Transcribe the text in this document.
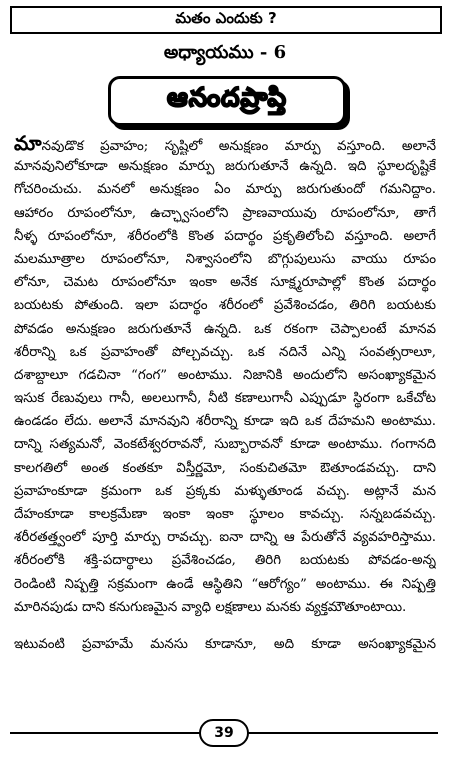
మతం ఎందుకు ?
అధ్యాయము - 6
ఆనందప్రాప్తి
మానవుడొక ప్రవాహం; సృష్టిలో అనుక్షణం మార్పు వస్తూంది. అలానే
మానవునిలోకూడా అనుక్షణం మార్పు జరుగుతూనే ఉన్నది. ఇది స్థూలదృష్టికే
గోచరించుచు. మనలో అనుక్షణం ఏం మార్పు జరుగుతుందో గమనిద్దాం.
ఆహారం రూపంలోనూ, ఉచ్ఛ్వాసంలోని ప్రాణవాయువు రూపంలోనూ, తాగే
నీళ్ళ రూపంలోనూ, శరీరంలోకి కొంత పదార్థం ప్రకృతిలోంచి వస్తూంది. అలాగే
మలమూత్రాల రూపంలోనూ, నిశ్వాసంలోని బొగ్గుపులుసు వాయు రూపం
లోనూ, చెమట రూపంలోనూ ఇంకా అనేక సూక్ష్మరూపాల్లో కొంత పదార్థం
బయటకు పోతుంది. ఇలా పదార్థం శరీరంలో ప్రవేశించడం, తిరిగి బయటకు
పోవడం అనుక్షణం జరుగుతూనే ఉన్నది. ఒక రకంగా చెప్పాలంటే మానవ
శరీరాన్ని ఒక ప్రవాహంతో పోల్చవచ్చు. ఒక నదినే ఎన్ని సంవత్సరాలూ,
దశాబ్దాలూ గడచినా “గంగ” అంటాము. నిజానికి అందులోని అసంఖ్యాకమైన
ఇసుక రేణువులు గానీ, అలలుగానీ, నీటి కణాలుగానీ ఎప్పుడూ స్థిరంగా ఒకేచోట
ఉండడం లేదు. అలానే మానవుని శరీరాన్ని కూడా ఇది ఒక దేహమని అంటాము.
దాన్ని సత్యమనో, వెంకటేశ్వరరావనో, సుబ్బారావనో కూడా అంటాము. గంగానది
కాలగతిలో అంత కంతకూ విస్తీర్ణమో, సంకుచితమో ఔతూండవచ్చు. దాని
ప్రవాహంకూడా క్రమంగా ఒక ప్రక్కకు మళ్ళుతూండ వచ్చు. అట్లానే మన
దేహంకూడా కాలక్రమేణా ఇంకా ఇంకా స్థూలం కావచ్చు. సన్నబడవచ్చు.
శరీరతత్త్వంలో పూర్తి మార్పు రావచ్చు. ఐనా దాన్ని ఆ పేరుతోనే వ్యవహరిస్తాము.
శరీరంలోకి శక్తి-పదార్థాలు ప్రవేశించడం, తిరిగి బయటకు పోవడం-అన్న
రెండింటి నిష్పత్తి సక్రమంగా ఉండే ఆస్థితిని “ఆరోగ్యం” అంటాము. ఈ నిష్పత్తి
మారినపుడు దాని కనుగుణమైన వ్యాధి లక్షణాలు మనకు వ్యక్తమౌతూంటాయి.
ఇటువంటి ప్రవాహమే మనసు కూడానూ, అది కూడా అసంఖ్యాకమైన
39
